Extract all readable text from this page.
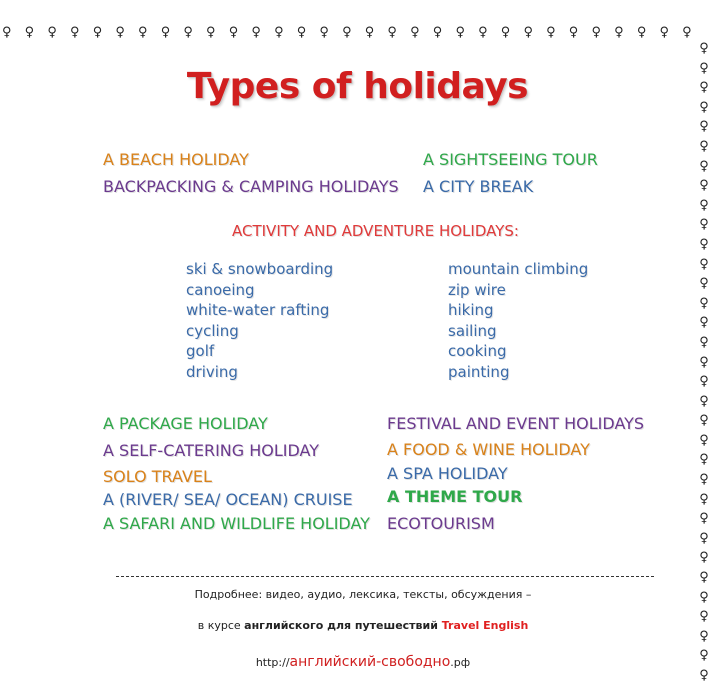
♀ ♀ ♀ ♀ ♀ ♀ ♀ ♀ ♀ ♀ ♀ ♀ ♀ ♀ ♀ ♀ ♀ ♀ ♀ ♀ ♀ ♀ ♀ ♀ ♀ ♀ ♀ ♀ ♀ ♀ ♀
♀
♀
♀
♀
♀
♀
♀
♀
♀
♀
♀
♀
♀
♀
♀
♀
♀
♀
♀
♀
♀
♀
♀
♀
♀
♀
♀
♀
♀
♀
♀
♀
♀
Types of holidays
A BEACH HOLIDAY
BACKPACKING & CAMPING HOLIDAYS
A SIGHTSEEING TOUR
A CITY BREAK
ACTIVITY AND ADVENTURE HOLIDAYS:
ski & snowboarding
canoeing
white-water rafting
cycling
golf
driving
mountain climbing
zip wire
hiking
sailing
cooking
painting
A PACKAGE HOLIDAY
A SELF-CATERING HOLIDAY
SOLO TRAVEL
A (RIVER/ SEA/ OCEAN) CRUISE
A SAFARI AND WILDLIFE HOLIDAY
FESTIVAL AND EVENT HOLIDAYS
A FOOD & WINE HOLIDAY
A SPA HOLIDAY
A THEME TOUR
ECOTOURISM
Подробнее: видео, аудио, лексика, тексты, обсуждения –
в курсе английского для путешествий Travel English
http://английский-свободно.рф
